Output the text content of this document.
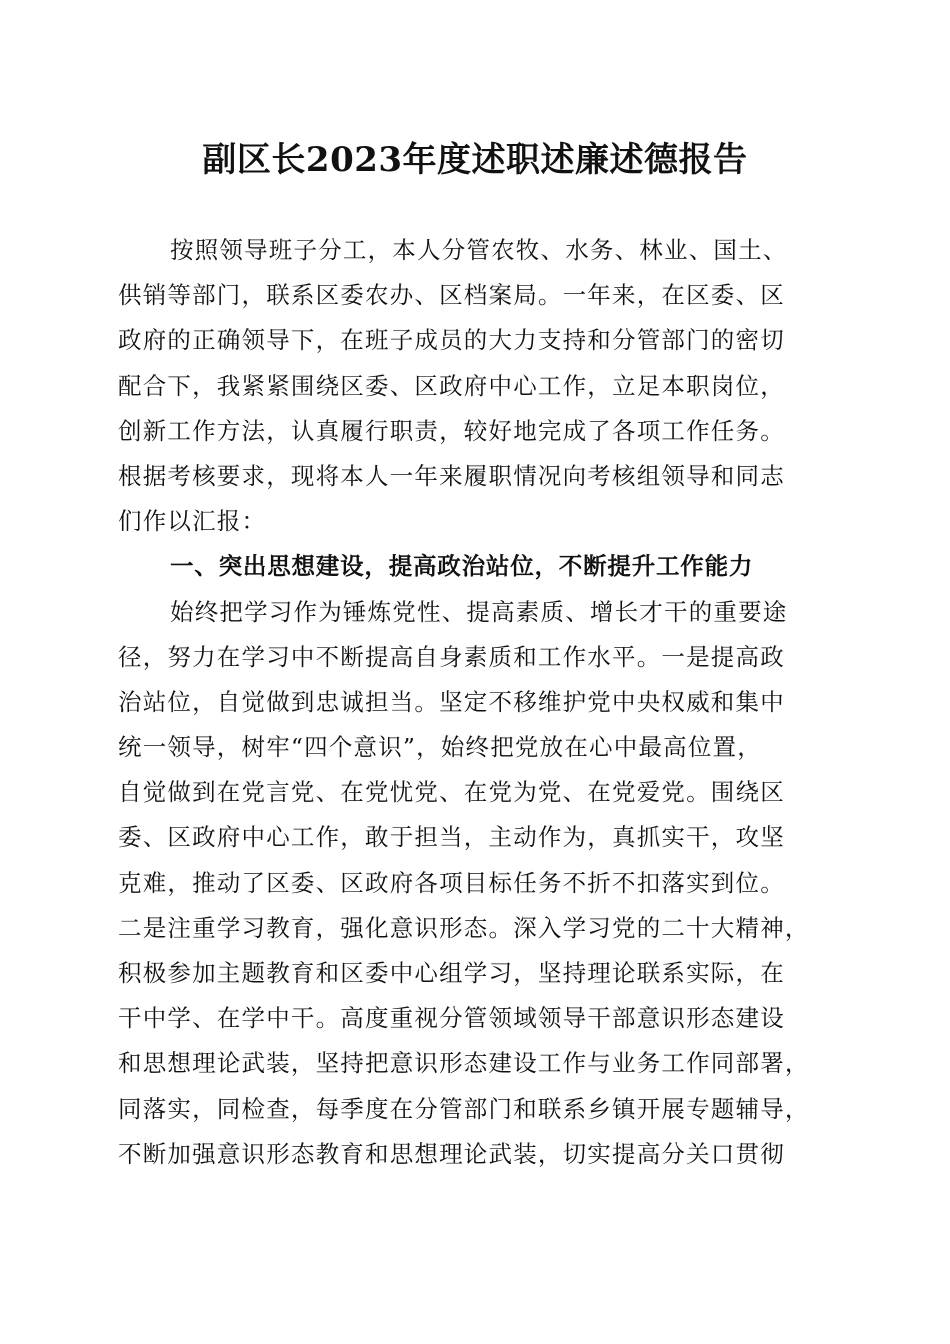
副区长2023年度述职述廉述德报告
按照领导班子分工，本人分管农牧、水务、林业、国土、
供销等部门，联系区委农办、区档案局。一年来，在区委、区
政府的正确领导下，在班子成员的大力支持和分管部门的密切
配合下，我紧紧围绕区委、区政府中心工作，立足本职岗位，
创新工作方法，认真履行职责，较好地完成了各项工作任务。
根据考核要求，现将本人一年来履职情况向考核组领导和同志
们作以汇报：
一、突出思想建设，提高政治站位，不断提升工作能力
始终把学习作为锤炼党性、提高素质、增长才干的重要途
径，努力在学习中不断提高自身素质和工作水平。一是提高政
治站位，自觉做到忠诚担当。坚定不移维护党中央权威和集中
统一领导，树牢“四个意识”，始终把党放在心中最高位置，
自觉做到在党言党、在党忧党、在党为党、在党爱党。围绕区
委、区政府中心工作，敢于担当，主动作为，真抓实干，攻坚
克难，推动了区委、区政府各项目标任务不折不扣落实到位。
二是注重学习教育，强化意识形态。深入学习党的二十大精神，
积极参加主题教育和区委中心组学习，坚持理论联系实际，在
干中学、在学中干。高度重视分管领域领导干部意识形态建设
和思想理论武装，坚持把意识形态建设工作与业务工作同部署，
同落实，同检查，每季度在分管部门和联系乡镇开展专题辅导，
不断加强意识形态教育和思想理论武装，切实提高分关口贯彻
